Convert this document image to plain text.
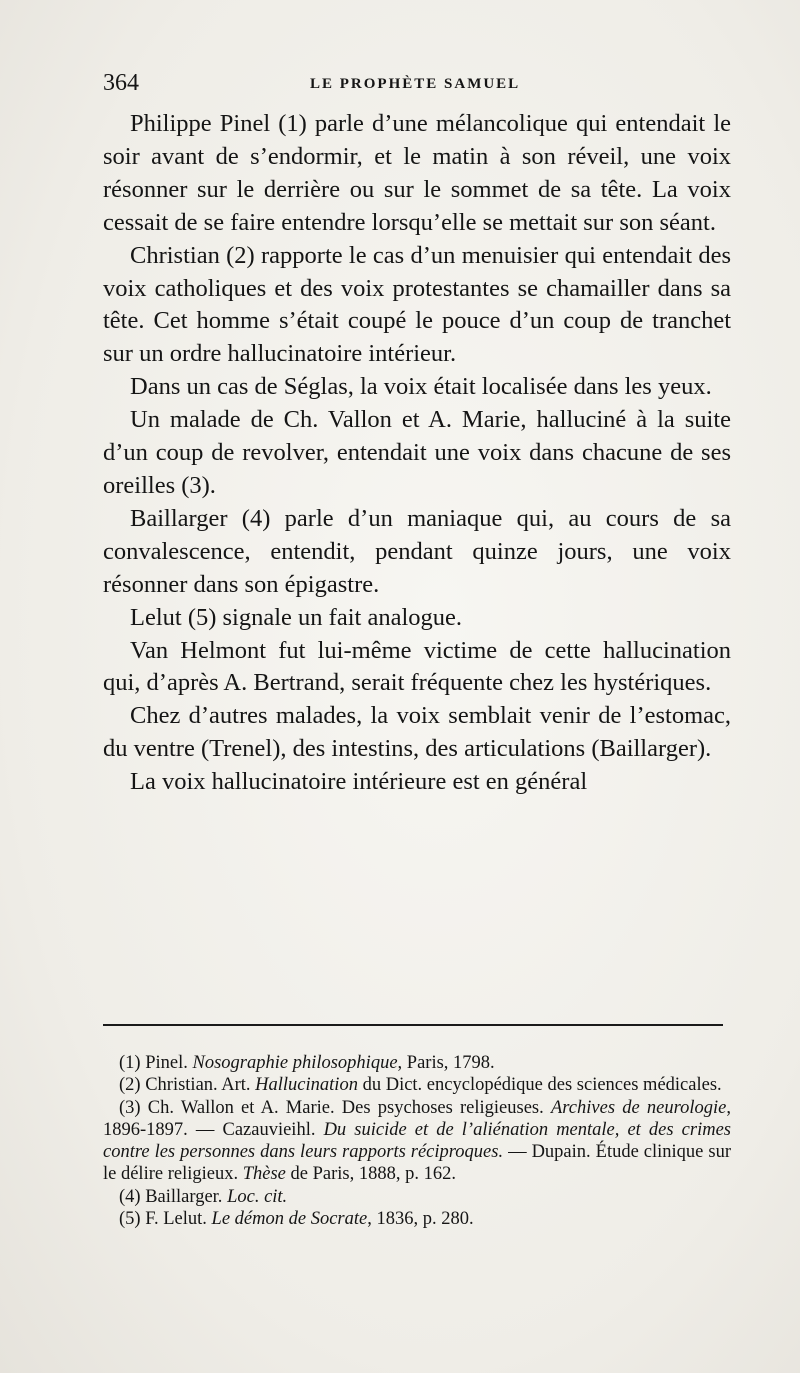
364	LE PROPHÈTE SAMUEL

Philippe Pinel (1) parle d’une mélancolique qui entendait le soir avant de s’endormir, et le matin à son réveil, une voix résonner sur le derrière ou sur le sommet de sa tête. La voix cessait de se faire entendre lorsqu’elle se mettait sur son séant.

Christian (2) rapporte le cas d’un menuisier qui entendait des voix catholiques et des voix protestantes se chamailler dans sa tête. Cet homme s’était coupé le pouce d’un coup de tranchet sur un ordre hallucinatoire intérieur.

Dans un cas de Séglas, la voix était localisée dans les yeux.

Un malade de Ch. Vallon et A. Marie, halluciné à la suite d’un coup de revolver, entendait une voix dans chacune de ses oreilles (3).

Baillarger (4) parle d’un maniaque qui, au cours de sa convalescence, entendit, pendant quinze jours, une voix résonner dans son épigastre.

Lelut (5) signale un fait analogue.

Van Helmont fut lui-même victime de cette hallucination qui, d’après A. Bertrand, serait fréquente chez les hystériques.

Chez d’autres malades, la voix semblait venir de l’estomac, du ventre (Trenel), des intestins, des articulations (Baillarger).

La voix hallucinatoire intérieure est en général

(1) Pinel. Nosographie philosophique, Paris, 1798.

(2) Christian. Art. Hallucination du Dict. encyclopédique des sciences médicales.

(3) Ch. Wallon et A. Marie. Des psychoses religieuses. Archives de neurologie, 1896-1897. — Cazauvieihl. Du suicide et de l’aliénation mentale, et des crimes contre les personnes dans leurs rapports réciproques. — Dupain. Étude clinique sur le délire religieux. Thèse de Paris, 1888, p. 162.

(4) Baillarger. Loc. cit.

(5) F. Lelut. Le démon de Socrate, 1836, p. 280.
